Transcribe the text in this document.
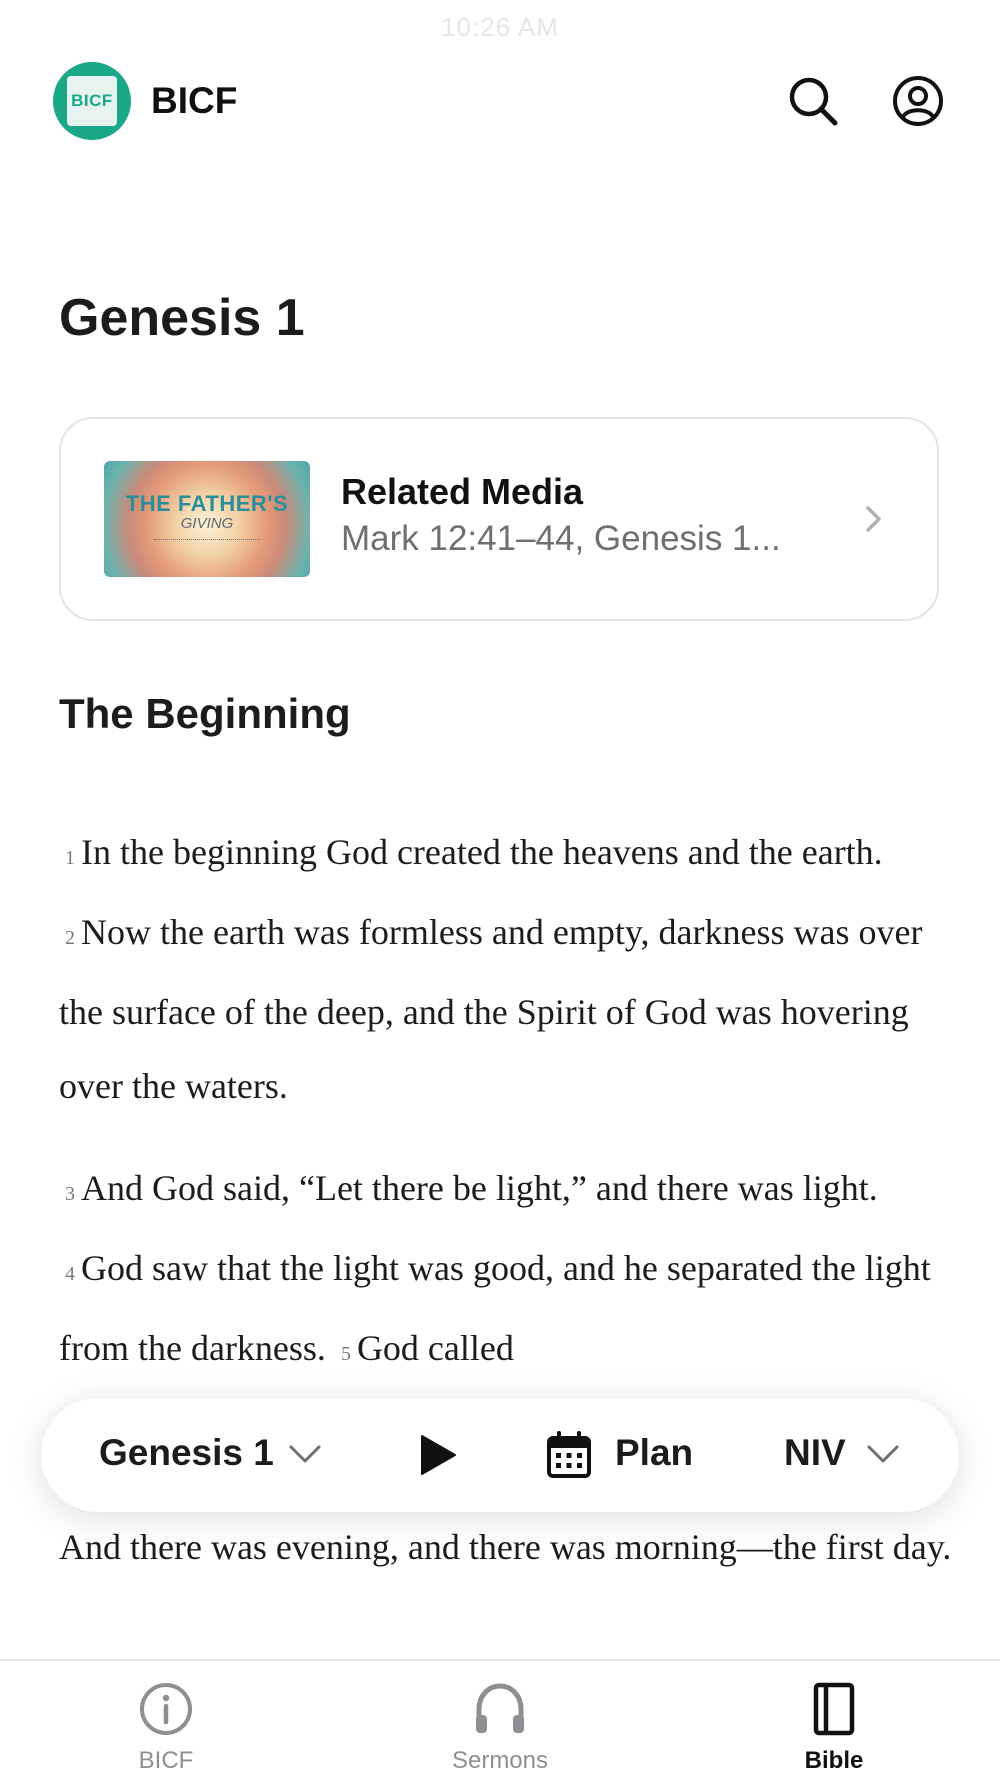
10:26 AM
BICF BICF
Genesis 1
THE FATHER'S
GIVING
Related Media
Mark 12:41–44, Genesis 1...
The Beginning

1 In the beginning God created the heavens and the earth. 2 Now the earth was formless and empty, darkness was over the surface of the deep, and the Spirit of God was hovering over the waters.

3 And God said, “Let there be light,” and there was light. 4 God saw that the light was good, and he separated the light from the darkness. 5 God called

And there was evening, and there was morning—the first day.

Genesis 1	Plan NIV
BICF	Sermons	Bible
